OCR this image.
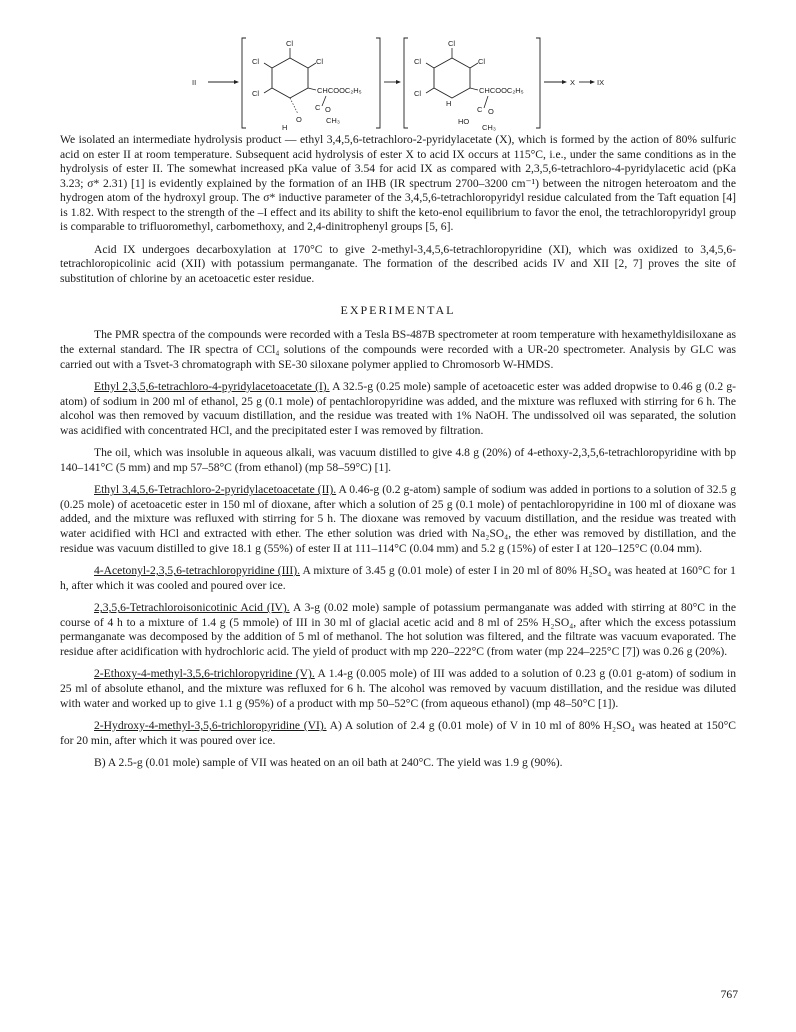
II
Cl
Cl	Cl
Cl	CHCOOC₂H₅
C O
CH₃
O
H
Cl
Cl	Cl
Cl	CHCOOC₂H₅
H
C O
HO
CH₃
X	IX

We isolated an intermediate hydrolysis product — ethyl 3,4,5,6-tetrachloro-2-pyridylacetate (X), which is formed by the action of 80% sulfuric acid on ester II at room temperature. Subsequent acid hydrolysis of ester X to acid IX occurs at 115°C, i.e., under the same conditions as in the hydrolysis of ester II. The somewhat increased pKa value of 3.54 for acid IX as compared with 2,3,5,6-tetrachloro-4-pyridylacetic acid (pKa 3.23; σ* 2.31) [1] is evidently explained by the formation of an IHB (IR spectrum 2700–3200 cm⁻¹) between the nitrogen heteroatom and the hydrogen atom of the hydroxyl group. The σ* inductive parameter of the 3,4,5,6-tetrachloropyridyl residue calculated from the Taft equation [4] is 1.82. With respect to the strength of the –I effect and its ability to shift the keto-enol equilibrium to favor the enol, the tetrachloropyridyl group is comparable to trifluoromethyl, carbomethoxy, and 2,4-dinitrophenyl groups [5, 6].

Acid IX undergoes decarboxylation at 170°C to give 2-methyl-3,4,5,6-tetrachloropyridine (XI), which was oxidized to 3,4,5,6-tetrachloropicolinic acid (XII) with potassium permanganate. The formation of the described acids IV and XII [2, 7] proves the site of substitution of chlorine by an acetoacetic ester residue.

EXPERIMENTAL

The PMR spectra of the compounds were recorded with a Tesla BS-487B spectrometer at room temperature with hexamethyldisiloxane as the external standard. The IR spectra of CCl₄ solutions of the compounds were recorded with a UR-20 spectrometer. Analysis by GLC was carried out with a Tsvet-3 chromatograph with SE-30 siloxane polymer applied to Chromosorb W-HMDS.

Ethyl 2,3,5,6-tetrachloro-4-pyridylacetoacetate (I). A 32.5-g (0.25 mole) sample of acetoacetic ester was added dropwise to 0.46 g (0.2 g-atom) of sodium in 200 ml of ethanol, 25 g (0.1 mole) of pentachloropyridine was added, and the mixture was refluxed with stirring for 6 h. The alcohol was then removed by vacuum distillation, and the residue was treated with 1% NaOH. The undissolved oil was separated, the solution was acidified with concentrated HCl, and the precipitated ester I was removed by filtration.

The oil, which was insoluble in aqueous alkali, was vacuum distilled to give 4.8 g (20%) of 4-ethoxy-2,3,5,6-tetrachloropyridine with bp 140–141°C (5 mm) and mp 57–58°C (from ethanol) (mp 58–59°C) [1].

Ethyl 3,4,5,6-Tetrachloro-2-pyridylacetoacetate (II). A 0.46-g (0.2 g-atom) sample of sodium was added in portions to a solution of 32.5 g (0.25 mole) of acetoacetic ester in 150 ml of dioxane, after which a solution of 25 g (0.1 mole) of pentachloropyridine in 100 ml of dioxane was added, and the mixture was refluxed with stirring for 5 h. The dioxane was removed by vacuum distillation, and the residue was treated with water acidified with HCl and extracted with ether. The ether solution was dried with Na₂SO₄, the ether was removed by distillation, and the residue was vacuum distilled to give 18.1 g (55%) of ester II at 111–114°C (0.04 mm) and 5.2 g (15%) of ester I at 120–125°C (0.04 mm).

4-Acetonyl-2,3,5,6-tetrachloropyridine (III). A mixture of 3.45 g (0.01 mole) of ester I in 20 ml of 80% H₂SO₄ was heated at 160°C for 1 h, after which it was cooled and poured over ice.

2,3,5,6-Tetrachloroisonicotinic Acid (IV). A 3-g (0.02 mole) sample of potassium permanganate was added with stirring at 80°C in the course of 4 h to a mixture of 1.4 g (5 mmole) of III in 30 ml of glacial acetic acid and 8 ml of 25% H₂SO₄, after which the excess potassium permanganate was decomposed by the addition of 5 ml of methanol. The hot solution was filtered, and the filtrate was vacuum evaporated. The residue after acidification with hydrochloric acid. The yield of product with mp 220–222°C (from water (mp 224–225°C [7]) was 0.26 g (20%).

2-Ethoxy-4-methyl-3,5,6-trichloropyridine (V). A 1.4-g (0.005 mole) of III was added to a solution of 0.23 g (0.01 g-atom) of sodium in 25 ml of absolute ethanol, and the mixture was refluxed for 6 h. The alcohol was removed by vacuum distillation, and the residue was diluted with water and worked up to give 1.1 g (95%) of a product with mp 50–52°C (from aqueous ethanol) (mp 48–50°C [1]).

2-Hydroxy-4-methyl-3,5,6-trichloropyridine (VI). A) A solution of 2.4 g (0.01 mole) of V in 10 ml of 80% H₂SO₄ was heated at 150°C for 20 min, after which it was poured over ice.

B) A 2.5-g (0.01 mole) sample of VII was heated on an oil bath at 240°C. The yield was 1.9 g (90%).

767
